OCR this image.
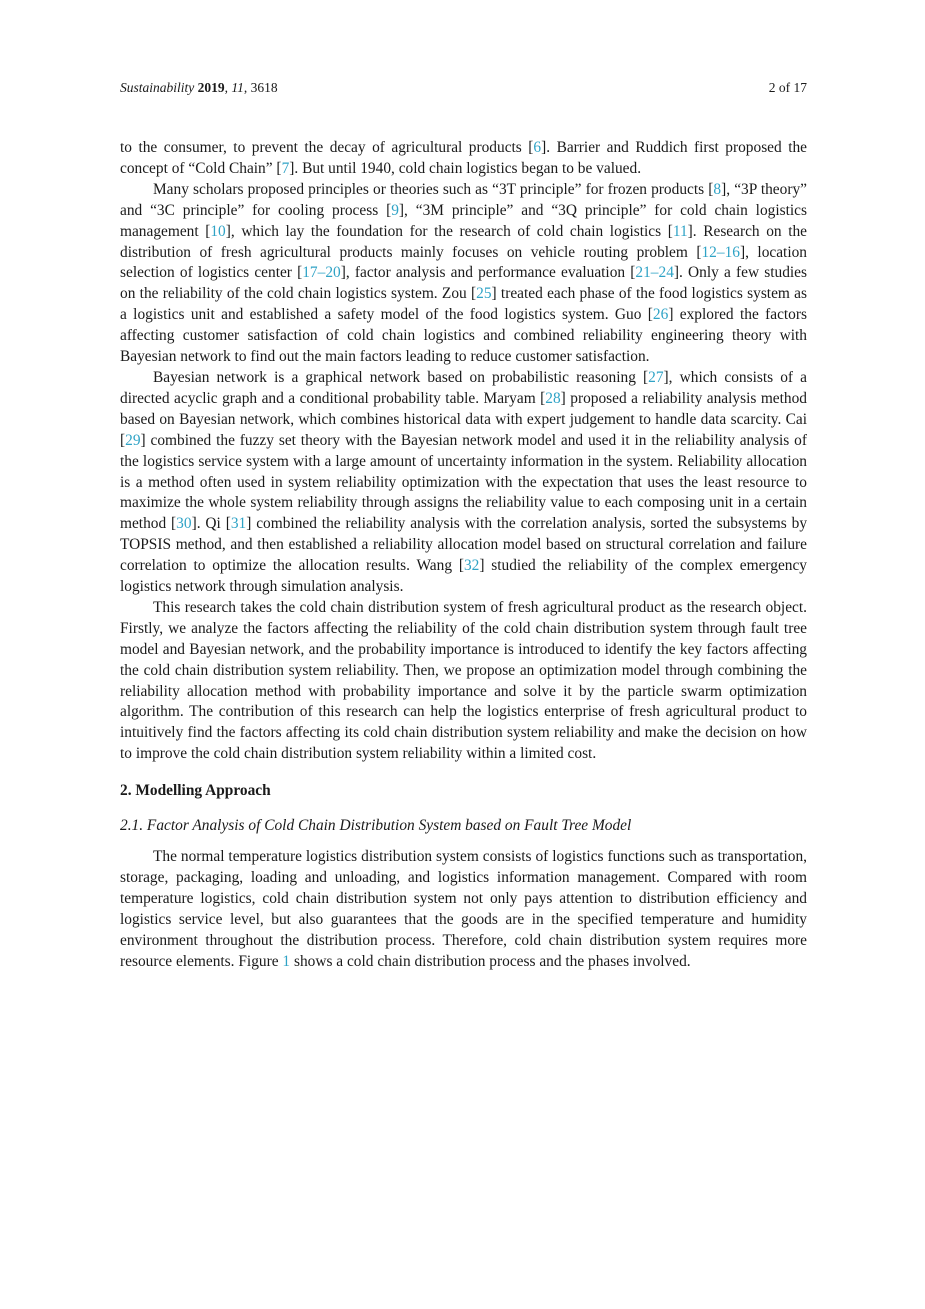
Sustainability 2019, 11, 3618	2 of 17

to the consumer, to prevent the decay of agricultural products [6]. Barrier and Ruddich first proposed the concept of “Cold Chain” [7]. But until 1940, cold chain logistics began to be valued.

Many scholars proposed principles or theories such as “3T principle” for frozen products [8], “3P theory” and “3C principle” for cooling process [9], “3M principle” and “3Q principle” for cold chain logistics management [10], which lay the foundation for the research of cold chain logistics [11]. Research on the distribution of fresh agricultural products mainly focuses on vehicle routing problem [12–16], location selection of logistics center [17–20], factor analysis and performance evaluation [21–24]. Only a few studies on the reliability of the cold chain logistics system. Zou [25] treated each phase of the food logistics system as a logistics unit and established a safety model of the food logistics system. Guo [26] explored the factors affecting customer satisfaction of cold chain logistics and combined reliability engineering theory with Bayesian network to find out the main factors leading to reduce customer satisfaction.

Bayesian network is a graphical network based on probabilistic reasoning [27], which consists of a directed acyclic graph and a conditional probability table. Maryam [28] proposed a reliability analysis method based on Bayesian network, which combines historical data with expert judgement to handle data scarcity. Cai [29] combined the fuzzy set theory with the Bayesian network model and used it in the reliability analysis of the logistics service system with a large amount of uncertainty information in the system. Reliability allocation is a method often used in system reliability optimization with the expectation that uses the least resource to maximize the whole system reliability through assigns the reliability value to each composing unit in a certain method [30]. Qi [31] combined the reliability analysis with the correlation analysis, sorted the subsystems by TOPSIS method, and then established a reliability allocation model based on structural correlation and failure correlation to optimize the allocation results. Wang [32] studied the reliability of the complex emergency logistics network through simulation analysis.

This research takes the cold chain distribution system of fresh agricultural product as the research object. Firstly, we analyze the factors affecting the reliability of the cold chain distribution system through fault tree model and Bayesian network, and the probability importance is introduced to identify the key factors affecting the cold chain distribution system reliability. Then, we propose an optimization model through combining the reliability allocation method with probability importance and solve it by the particle swarm optimization algorithm. The contribution of this research can help the logistics enterprise of fresh agricultural product to intuitively find the factors affecting its cold chain distribution system reliability and make the decision on how to improve the cold chain distribution system reliability within a limited cost.

2. Modelling Approach
2.1. Factor Analysis of Cold Chain Distribution System based on Fault Tree Model

The normal temperature logistics distribution system consists of logistics functions such as transportation, storage, packaging, loading and unloading, and logistics information management. Compared with room temperature logistics, cold chain distribution system not only pays attention to distribution efficiency and logistics service level, but also guarantees that the goods are in the specified temperature and humidity environment throughout the distribution process. Therefore, cold chain distribution system requires more resource elements. Figure 1 shows a cold chain distribution process and the phases involved.
